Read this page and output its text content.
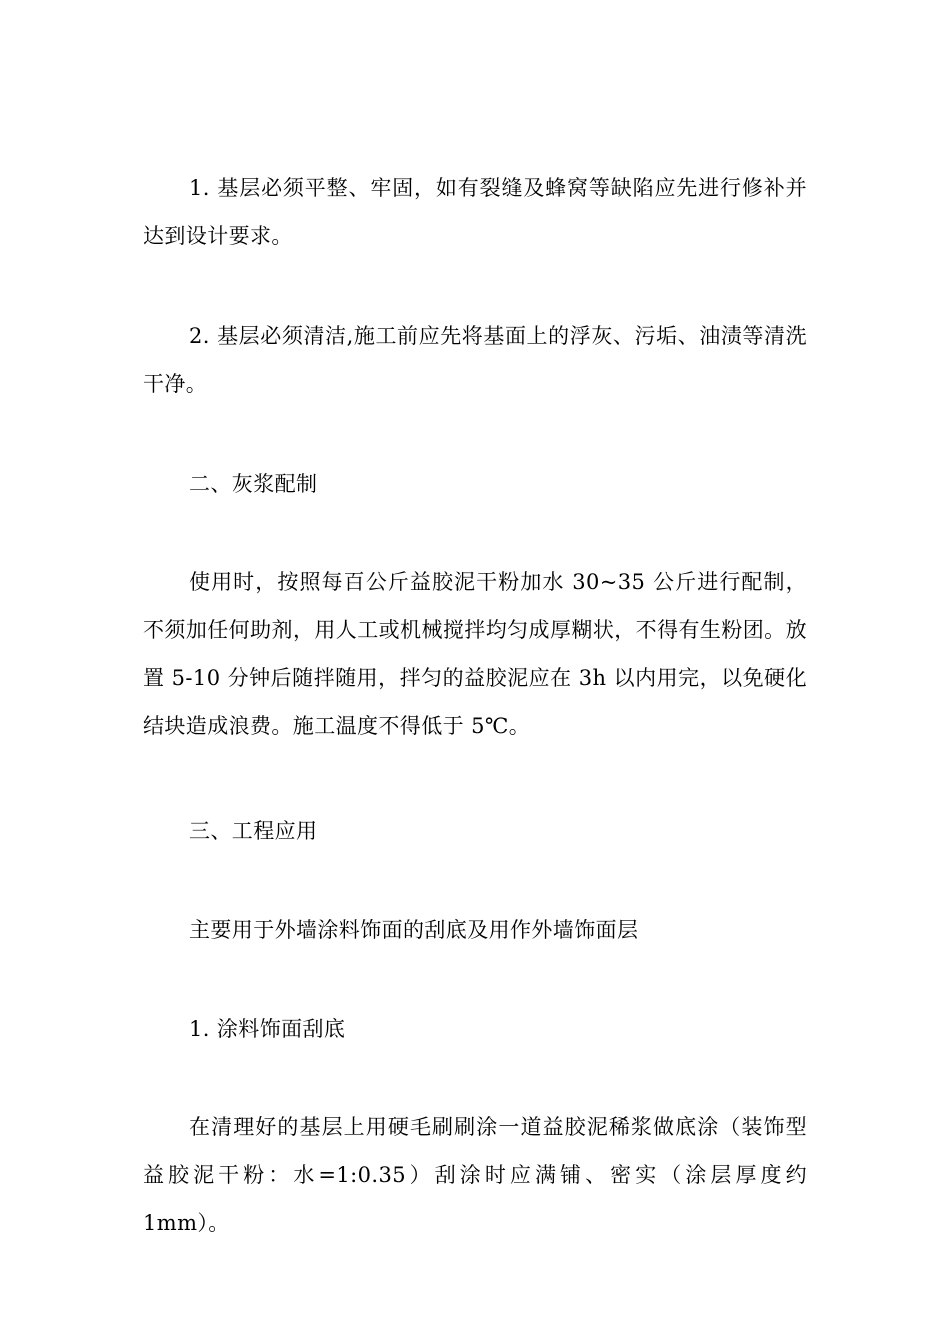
1. 基层必须平整、牢固，如有裂缝及蜂窝等缺陷应先进行修补并达到设计要求。

2. 基层必须清洁,施工前应先将基面上的浮灰、污垢、油渍等清洗干净。

二、灰浆配制

使用时，按照每百公斤益胶泥干粉加水 30~35 公斤进行配制，不须加任何助剂，用人工或机械搅拌均匀成厚糊状，不得有生粉团。放置 5-10 分钟后随拌随用，拌匀的益胶泥应在 3h 以内用完，以免硬化结块造成浪费。施工温度不得低于 5℃。

三、工程应用

主要用于外墙涂料饰面的刮底及用作外墙饰面层

1. 涂料饰面刮底

在清理好的基层上用硬毛刷刷涂一道益胶泥稀浆做底涂（装饰型益胶泥干粉：水=1:0.35）刮涂时应满铺、密实（涂层厚度约 1mm）。
